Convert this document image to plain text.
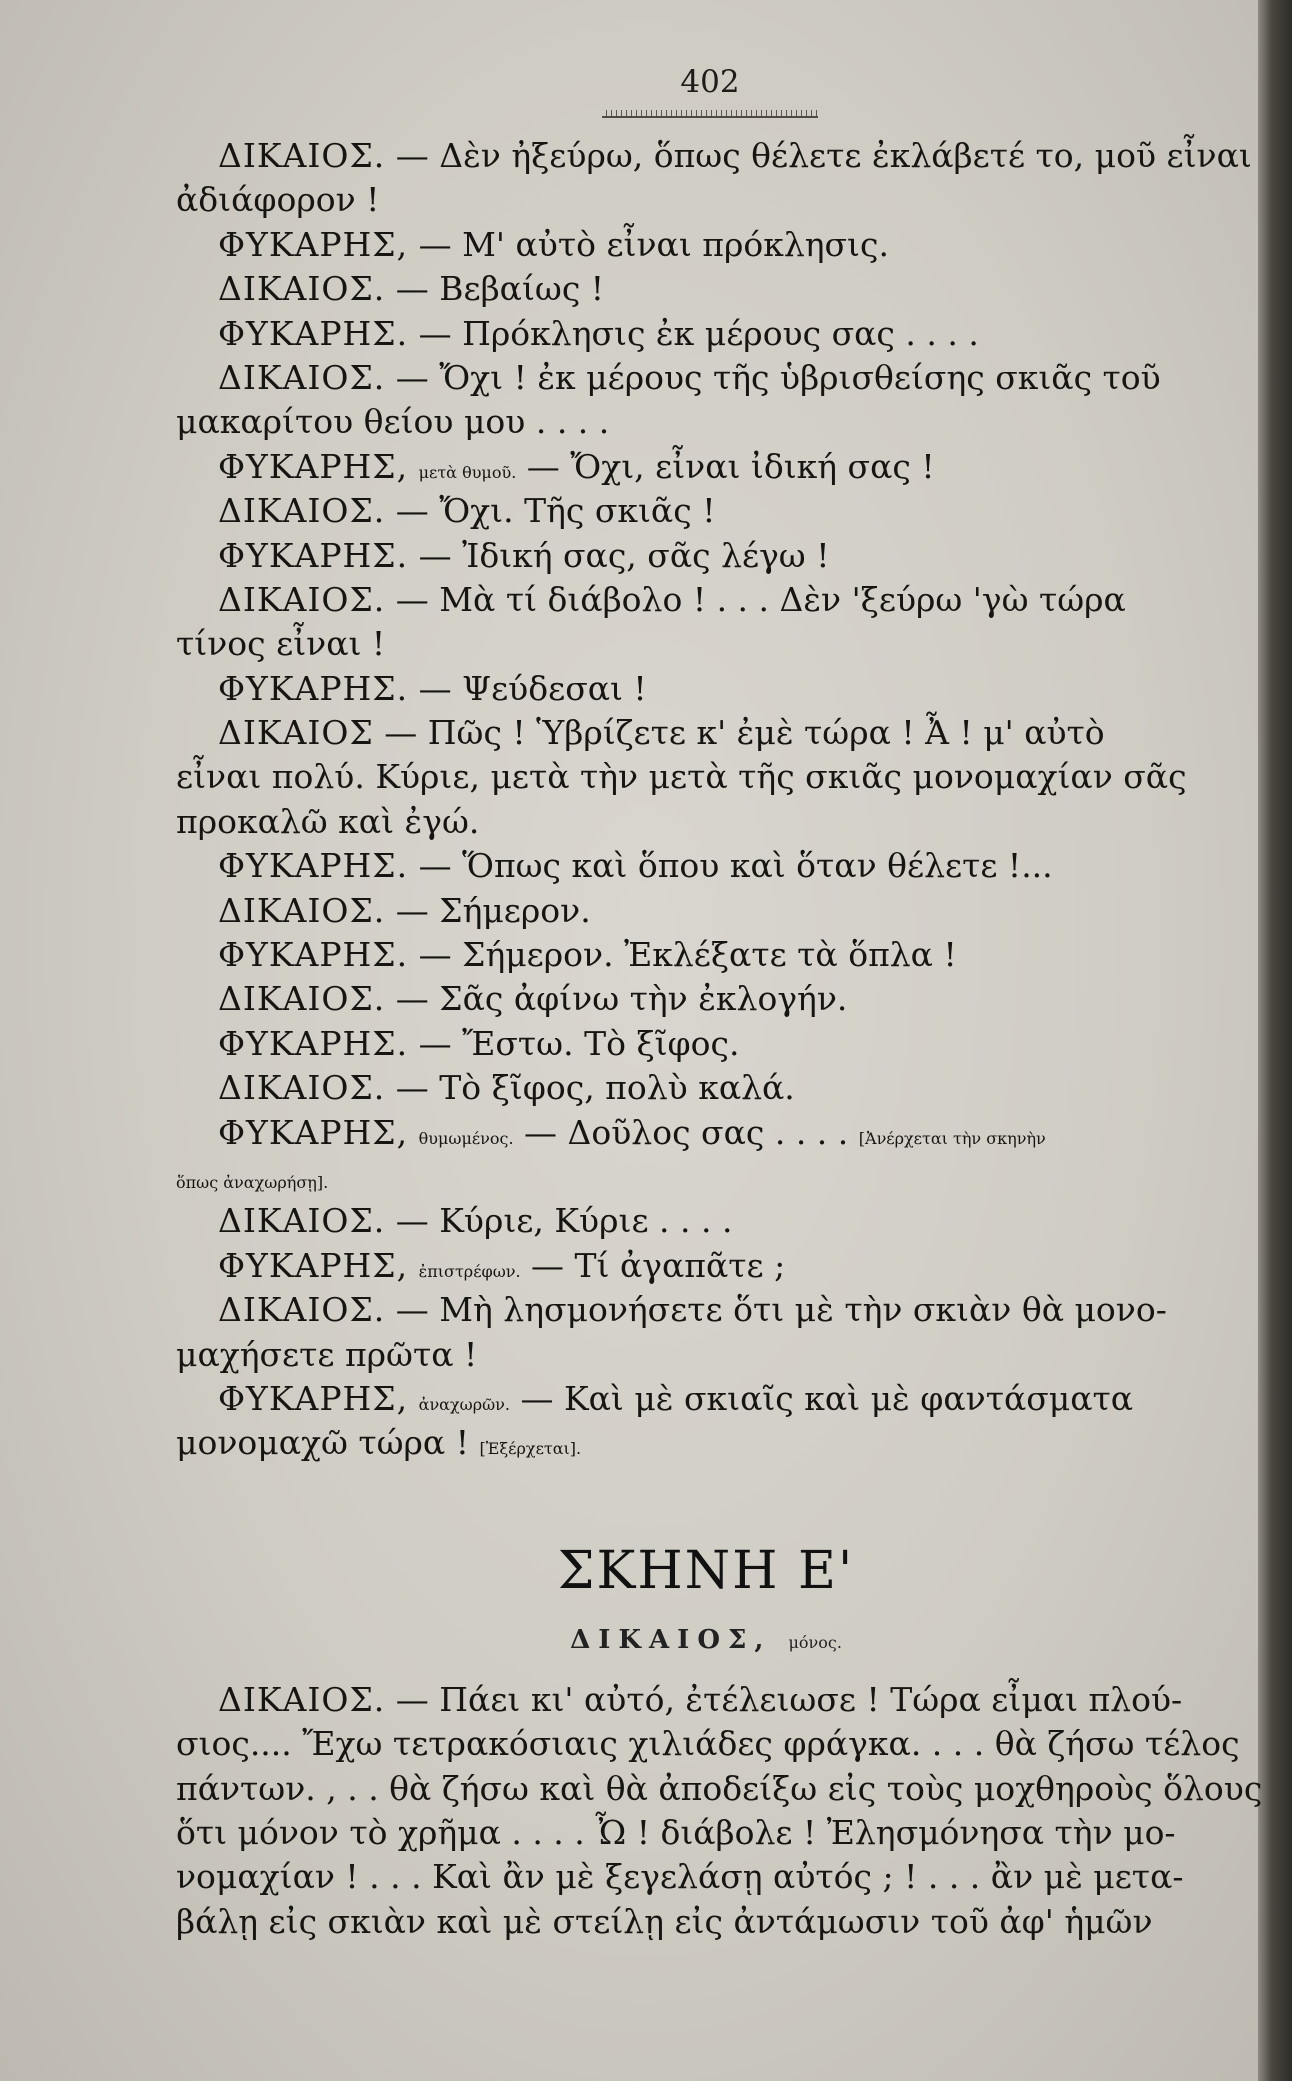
402
ΔΙΚΑΙΟΣ. — Δὲν ἠξεύρω, ὅπως θέλετε ἐκλάβετέ το, μοῦ εἶναι
ἀδιάφορον !
ΦΥΚΑΡΗΣ, — Μ' αὐτὸ εἶναι πρόκλησις.
ΔΙΚΑΙΟΣ. — Βεβαίως !
ΦΥΚΑΡΗΣ. — Πρόκλησις ἐκ μέρους σας . . . .
ΔΙΚΑΙΟΣ. — Ὄχι ! ἐκ μέρους τῆς ὑβρισθείσης σκιᾶς τοῦ
μακαρίτου θείου μου . . . .
ΦΥΚΑΡΗΣ, μετὰ θυμοῦ. — Ὄχι, εἶναι ἰδική σας !
ΔΙΚΑΙΟΣ. — Ὄχι. Τῆς σκιᾶς !
ΦΥΚΑΡΗΣ. — Ἰδική σας, σᾶς λέγω !
ΔΙΚΑΙΟΣ. — Μὰ τί διάβολο ! . . . Δὲν 'ξεύρω 'γὼ τώρα
τίνος εἶναι !
ΦΥΚΑΡΗΣ. — Ψεύδεσαι !
ΔΙΚΑΙΟΣ — Πῶς ! Ὑβρίζετε κ' ἐμὲ τώρα ! Ἆ ! μ' αὐτὸ
εἶναι πολύ. Κύριε, μετὰ τὴν μετὰ τῆς σκιᾶς μονομαχίαν σᾶς
προκαλῶ καὶ ἐγώ.
ΦΥΚΑΡΗΣ. — Ὅπως καὶ ὅπου καὶ ὅταν θέλετε !...
ΔΙΚΑΙΟΣ. — Σήμερον.
ΦΥΚΑΡΗΣ. — Σήμερον. Ἐκλέξατε τὰ ὅπλα !
ΔΙΚΑΙΟΣ. — Σᾶς ἀφίνω τὴν ἐκλογήν.
ΦΥΚΑΡΗΣ. — Ἔστω. Τὸ ξῖφος.
ΔΙΚΑΙΟΣ. — Τὸ ξῖφος, πολὺ καλά.
ΦΥΚΑΡΗΣ, θυμωμένος. — Δοῦλος σας . . . . [Ἀνέρχεται τὴν σκηνὴν
ὅπως ἀναχωρήσῃ].
ΔΙΚΑΙΟΣ. — Κύριε, Κύριε . . . .
ΦΥΚΑΡΗΣ, ἐπιστρέφων. — Τί ἀγαπᾶτε ;
ΔΙΚΑΙΟΣ. — Μὴ λησμονήσετε ὅτι μὲ τὴν σκιὰν θὰ μονο-
μαχήσετε πρῶτα !
ΦΥΚΑΡΗΣ, ἀναχωρῶν. — Καὶ μὲ σκιαῖς καὶ μὲ φαντάσματα
μονομαχῶ τώρα ! [Ἐξέρχεται].
ΣΚΗΝΗ Ε'
ΔΙΚΑΙΟΣ, μόνος.
ΔΙΚΑΙΟΣ. — Πάει κι' αὐτό, ἐτέλειωσε ! Τώρα εἶμαι πλού-
σιος.... Ἔχω τετρακόσιαις χιλιάδες φράγκα. . . . θὰ ζήσω τέλος
πάντων. , . . θὰ ζήσω καὶ θὰ ἀποδείξω εἰς τοὺς μοχθηροὺς ὅλους
ὅτι μόνον τὸ χρῆμα . . . . Ὦ ! διάβολε ! Ἐλησμόνησα τὴν μο-
νομαχίαν ! . . . Καὶ ἂν μὲ ξεγελάσῃ αὐτός ; ! . . . ἂν μὲ μετα-
βάλῃ εἰς σκιὰν καὶ μὲ στείλῃ εἰς ἀντάμωσιν τοῦ ἀφ' ἡμῶν
